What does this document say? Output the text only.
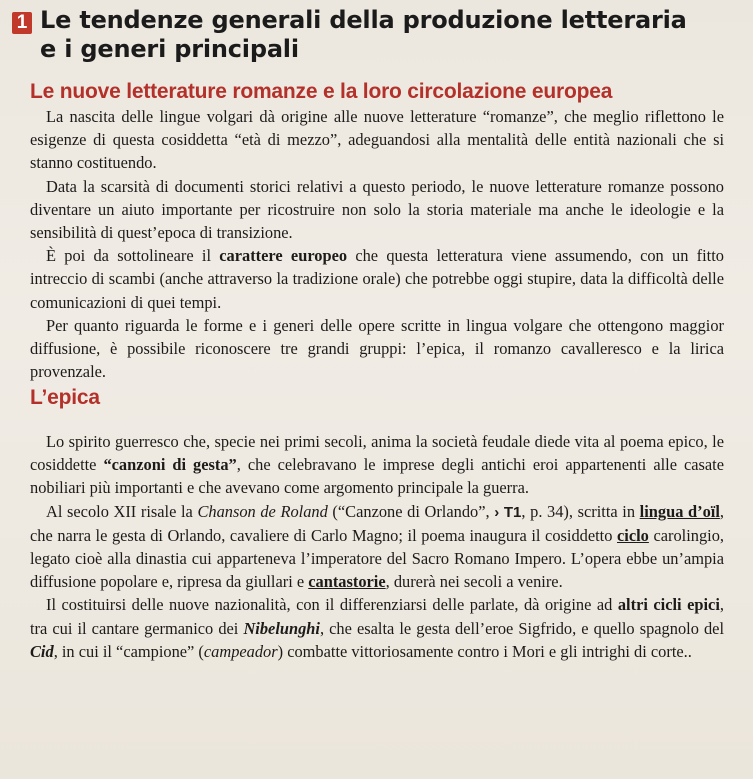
1 Le tendenze generali della produzione letteraria
e i generi principali
Le nuove letterature romanze e la loro circolazione europea

La nascita delle lingue volgari dà origine alle nuove letterature “romanze”, che meglio riflettono le esigenze di questa cosiddetta “età di mezzo”, adeguandosi alla mentalità delle entità nazionali che si stanno costituendo.

Data la scarsità di documenti storici relativi a questo periodo, le nuove letterature romanze possono diventare un aiuto importante per ricostruire non solo la storia materiale ma anche le ideologie e la sensibilità di quest’epoca di transizione.

È poi da sottolineare il carattere europeo che questa letteratura viene assumendo, con un fitto intreccio di scambi (anche attraverso la tradizione orale) che potrebbe oggi stupire, data la difficoltà delle comunicazioni di quei tempi.

Per quanto riguarda le forme e i generi delle opere scritte in lingua volgare che ottengono maggior diffusione, è possibile riconoscere tre grandi gruppi: l’epica, il romanzo cavalleresco e la lirica provenzale.

L’epica

Lo spirito guerresco che, specie nei primi secoli, anima la società feudale diede vita al poema epico, le cosiddette “canzoni di gesta”, che celebravano le imprese degli antichi eroi appartenenti alle casate nobiliari più importanti e che avevano come argomento principale la guerra.

Al secolo XII risale la Chanson de Roland (“Canzone di Orlando”, › T1, p. 34), scritta in lingua d’oïl, che narra le gesta di Orlando, cavaliere di Carlo Magno; il poema inaugura il cosiddetto ciclo carolingio, legato cioè alla dinastia cui apparteneva l’imperatore del Sacro Romano Impero. L’opera ebbe un’ampia diffusione popolare e, ripresa da giullari e cantastorie, durerà nei secoli a venire.

Il costituirsi delle nuove nazionalità, con il differenziarsi delle parlate, dà origine ad altri cicli epici, tra cui il cantare germanico dei Nibelunghi, che esalta le gesta dell’eroe Sigfrido, e quello spagnolo del Cid, in cui il “campione” (campeador) combatte vittoriosamente contro i Mori e gli intrighi di corte..
